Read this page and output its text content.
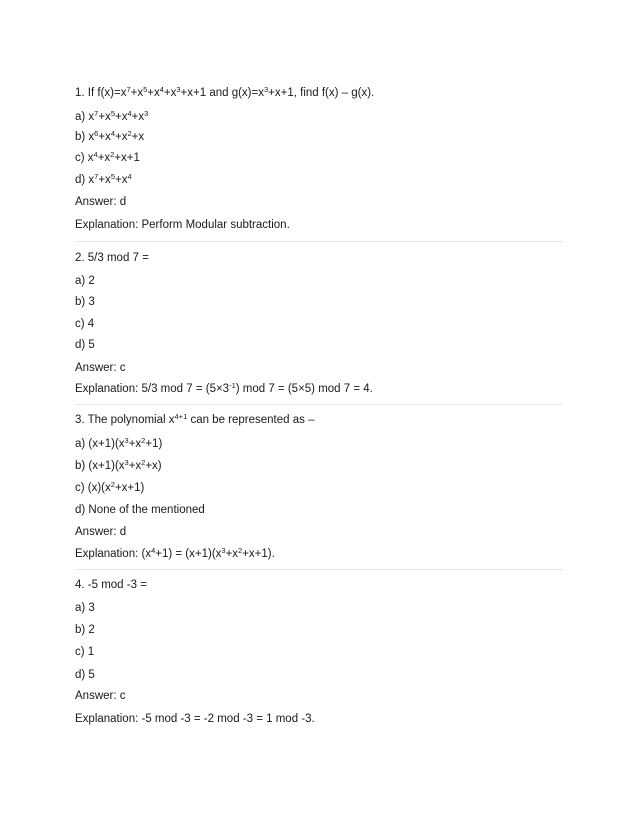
1. If $f(x)=x^7+x^5+x^4+x^3+x+1$ and $g(x)=x^3+x+1$, find f(x) – g(x).
a) $x^7+x^5+x^4+x^3$
b) $x^6+x^4+x^2+x$
c) $x^4+x^2+x+1$
d) $x^7+x^5+x^4$
Answer: d
Explanation: Perform Modular subtraction.
2. 5/3 mod 7 =
a) 2
b) 3
c) 4
d) 5
Answer: c
Explanation: 5/3 mod $7 = (5\times 3^{-1})$ mod 7 = (5×5) mod 7 = 4.
3. The polynomial $x^{4+1}$ can be represented as –
a) $(x+1)(x^3+x^2+1)$
b) $(x+1)(x^3+x^2+x)$
c) $(x)(x^2+x+1)$
d) None of the mentioned
Answer: d
Explanation: $(x^4+1) = (x+1)(x^3+x^2+x+1)$.
4. -5 mod -3 =
a) 3
b) 2
c) 1
d) 5
Answer: c
Explanation: -5 mod -3 = -2 mod -3 = 1 mod -3.
